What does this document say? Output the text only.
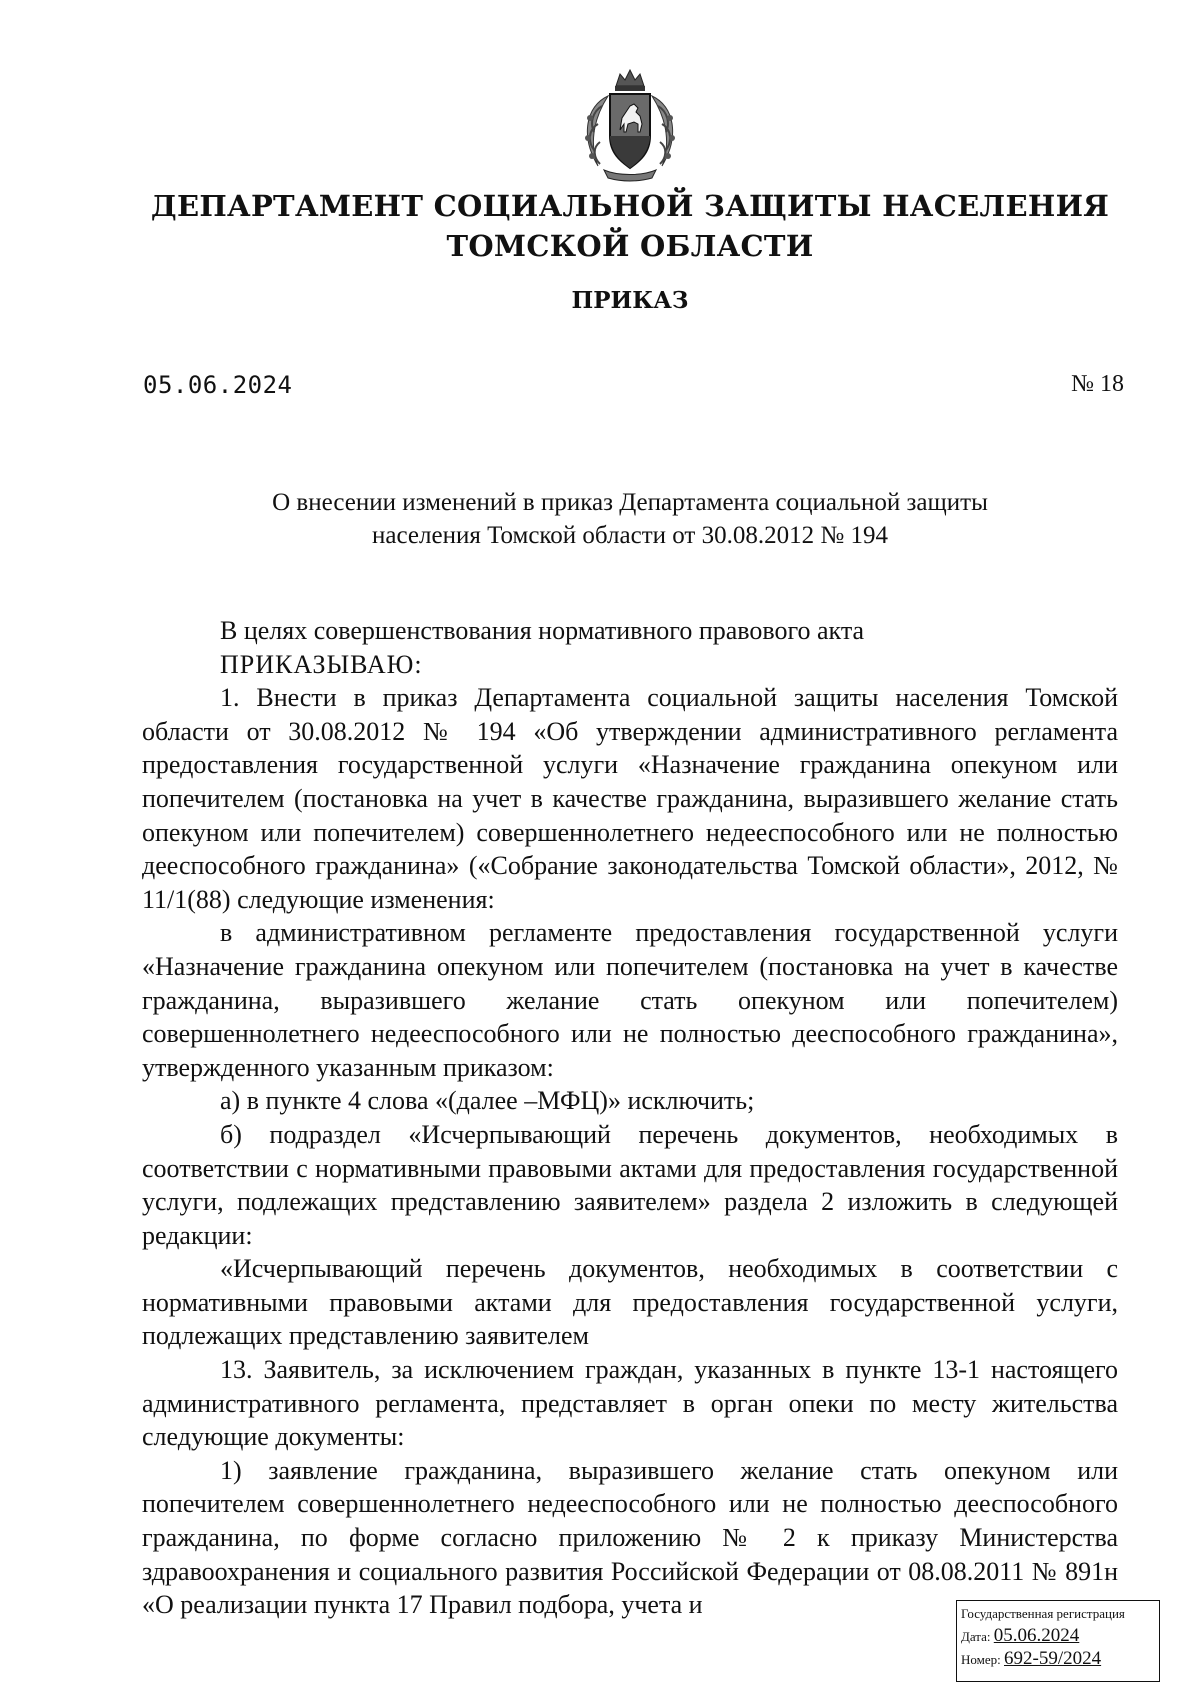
ДЕПАРТАМЕНТ СОЦИАЛЬНОЙ ЗАЩИТЫ НАСЕЛЕНИЯ
ТОМСКОЙ ОБЛАСТИ
ПРИКАЗ
05.06.2024	№ 18
О внесении изменений в приказ Департамента социальной защиты
населения Томской области от 30.08.2012 № 194

В целях совершенствования нормативного правового акта

ПРИКАЗЫВАЮ:

1. Внести в приказ Департамента социальной защиты населения Томской области от 30.08.2012 № 194 «Об утверждении административного регламента предоставления государственной услуги «Назначение гражданина опекуном или попечителем (постановка на учет в качестве гражданина, выразившего желание стать опекуном или попечителем) совершеннолетнего недееспособного или не полностью дееспособного гражданина» («Собрание законодательства Томской области», 2012, № 11/1(88) следующие изменения:

в административном регламенте предоставления государственной услуги «Назначение гражданина опекуном или попечителем (постановка на учет в качестве гражданина, выразившего желание стать опекуном или попечителем) совершеннолетнего недееспособного или не полностью дееспособного гражданина», утвержденного указанным приказом:

а) в пункте 4 слова «(далее –МФЦ)» исключить;

б) подраздел «Исчерпывающий перечень документов, необходимых в соответствии с нормативными правовыми актами для предоставления государственной услуги, подлежащих представлению заявителем» раздела 2 изложить в следующей редакции:

«Исчерпывающий перечень документов, необходимых в соответствии с нормативными правовыми актами для предоставления государственной услуги, подлежащих представлению заявителем

13. Заявитель, за исключением граждан, указанных в пункте 13-1 настоящего административного регламента, представляет в орган опеки по месту жительства следующие документы:

1) заявление гражданина, выразившего желание стать опекуном или попечителем совершеннолетнего недееспособного или не полностью дееспособного гражданина, по форме согласно приложению № 2 к приказу Министерства здравоохранения и социального развития Российской Федерации от 08.08.2011 № 891н «О реализации пункта 17 Правил подбора, учета и	Государственная регистрация
Дата: 05.06.2024
Номер: 692-59/2024
